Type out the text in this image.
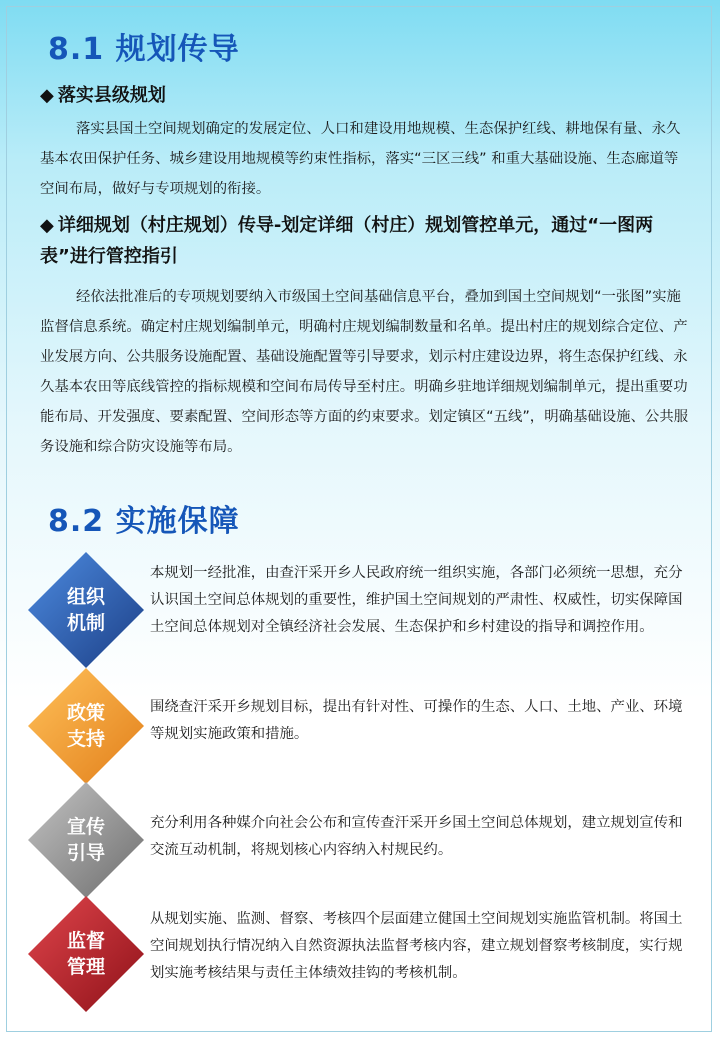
8.1 规划传导
◆ 落实县级规划

落实县国土空间规划确定的发展定位、人口和建设用地规模、生态保护红线、耕地保有量、永久基本农田保护任务、城乡建设用地规模等约束性指标，落实“三区三线” 和重大基础设施、生态廊道等空间布局，做好与专项规划的衔接。

◆ 详细规划（村庄规划）传导-划定详细（村庄）规划管控单元，通过“一图两表”进行管控指引

经依法批准后的专项规划要纳入市级国土空间基础信息平台，叠加到国土空间规划“一张图”实施监督信息系统。确定村庄规划编制单元，明确村庄规划编制数量和名单。提出村庄的规划综合定位、产业发展方向、公共服务设施配置、基础设施配置等引导要求，划示村庄建设边界，将生态保护红线、永久基本农田等底线管控的指标规模和空间布局传导至村庄。明确乡驻地详细规划编制单元，提出重要功能布局、开发强度、要素配置、空间形态等方面的约束要求。划定镇区“五线”，明确基础设施、公共服务设施和综合防灾设施等布局。

8.2 实施保障
组织
机制

本规划一经批准，由查汗采开乡人民政府统一组织实施，各部门必须统一思想，充分认识国土空间总体规划的重要性，维护国土空间规划的严肃性、权威性，切实保障国土空间总体规划对全镇经济社会发展、生态保护和乡村建设的指导和调控作用。

政策
支持

围绕查汗采开乡规划目标，提出有针对性、可操作的生态、人口、土地、产业、环境等规划实施政策和措施。

宣传
引导

充分利用各种媒介向社会公布和宣传查汗采开乡国土空间总体规划，建立规划宣传和交流互动机制，将规划核心内容纳入村规民约。

监督
管理

从规划实施、监测、督察、考核四个层面建立健国土空间规划实施监管机制。将国土空间规划执行情况纳入自然资源执法监督考核内容，建立规划督察考核制度，实行规划实施考核结果与责任主体绩效挂钩的考核机制。
